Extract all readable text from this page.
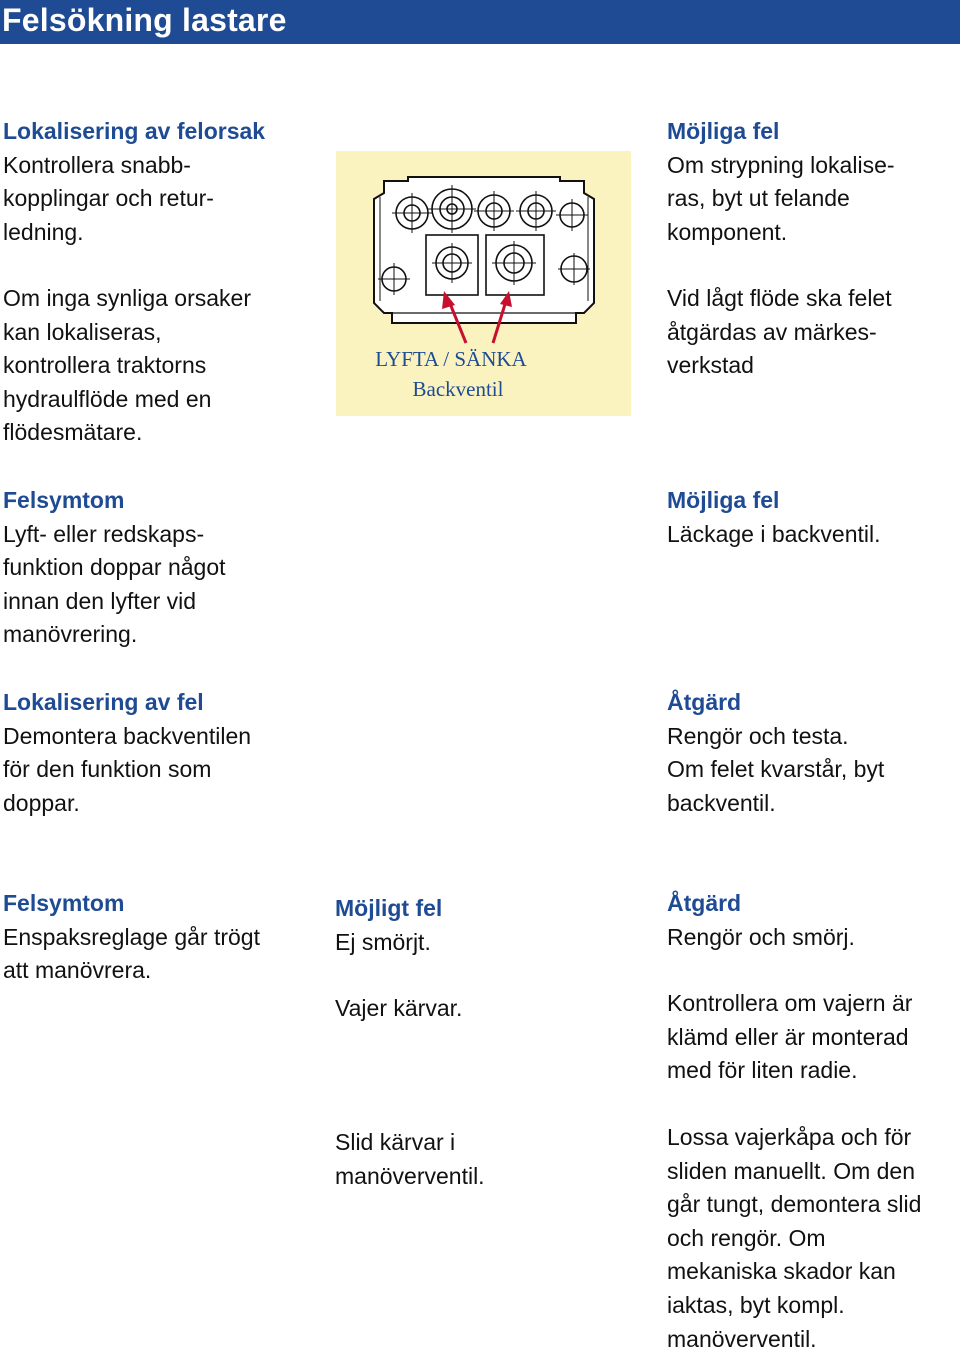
Felsökning lastare
Lokalisering av felorsak
Kontrollera snabb-
kopplingar och retur-
ledning.
Om inga synliga orsaker
kan lokaliseras,
kontrollera traktorns
hydraulflöde med en
flödesmätare.
LYFTA / SÄNKA
Backventil
Möjliga fel
Om strypning lokalise-
ras, byt ut felande
komponent.
Vid lågt flöde ska felet
åtgärdas av märkes-
verkstad
Felsymtom
Lyft- eller redskaps-
funktion doppar något
innan den lyfter vid
manövrering.
Möjliga fel
Läckage i backventil.
Lokalisering av fel
Demontera backventilen
för den funktion som
doppar.
Åtgärd
Rengör och testa.
Om felet kvarstår, byt
backventil.
Felsymtom
Enspaksreglage går trögt
att manövrera.
Möjligt fel
Ej smörjt.
Vajer kärvar.
Slid kärvar i
manöverventil.
Åtgärd
Rengör och smörj.
Kontrollera om vajern är
klämd eller är monterad
med för liten radie.
Lossa vajerkåpa och för
sliden manuellt. Om den
går tungt, demontera slid
och rengör. Om
mekaniska skador kan
iaktas, byt kompl.
manöverventil.
